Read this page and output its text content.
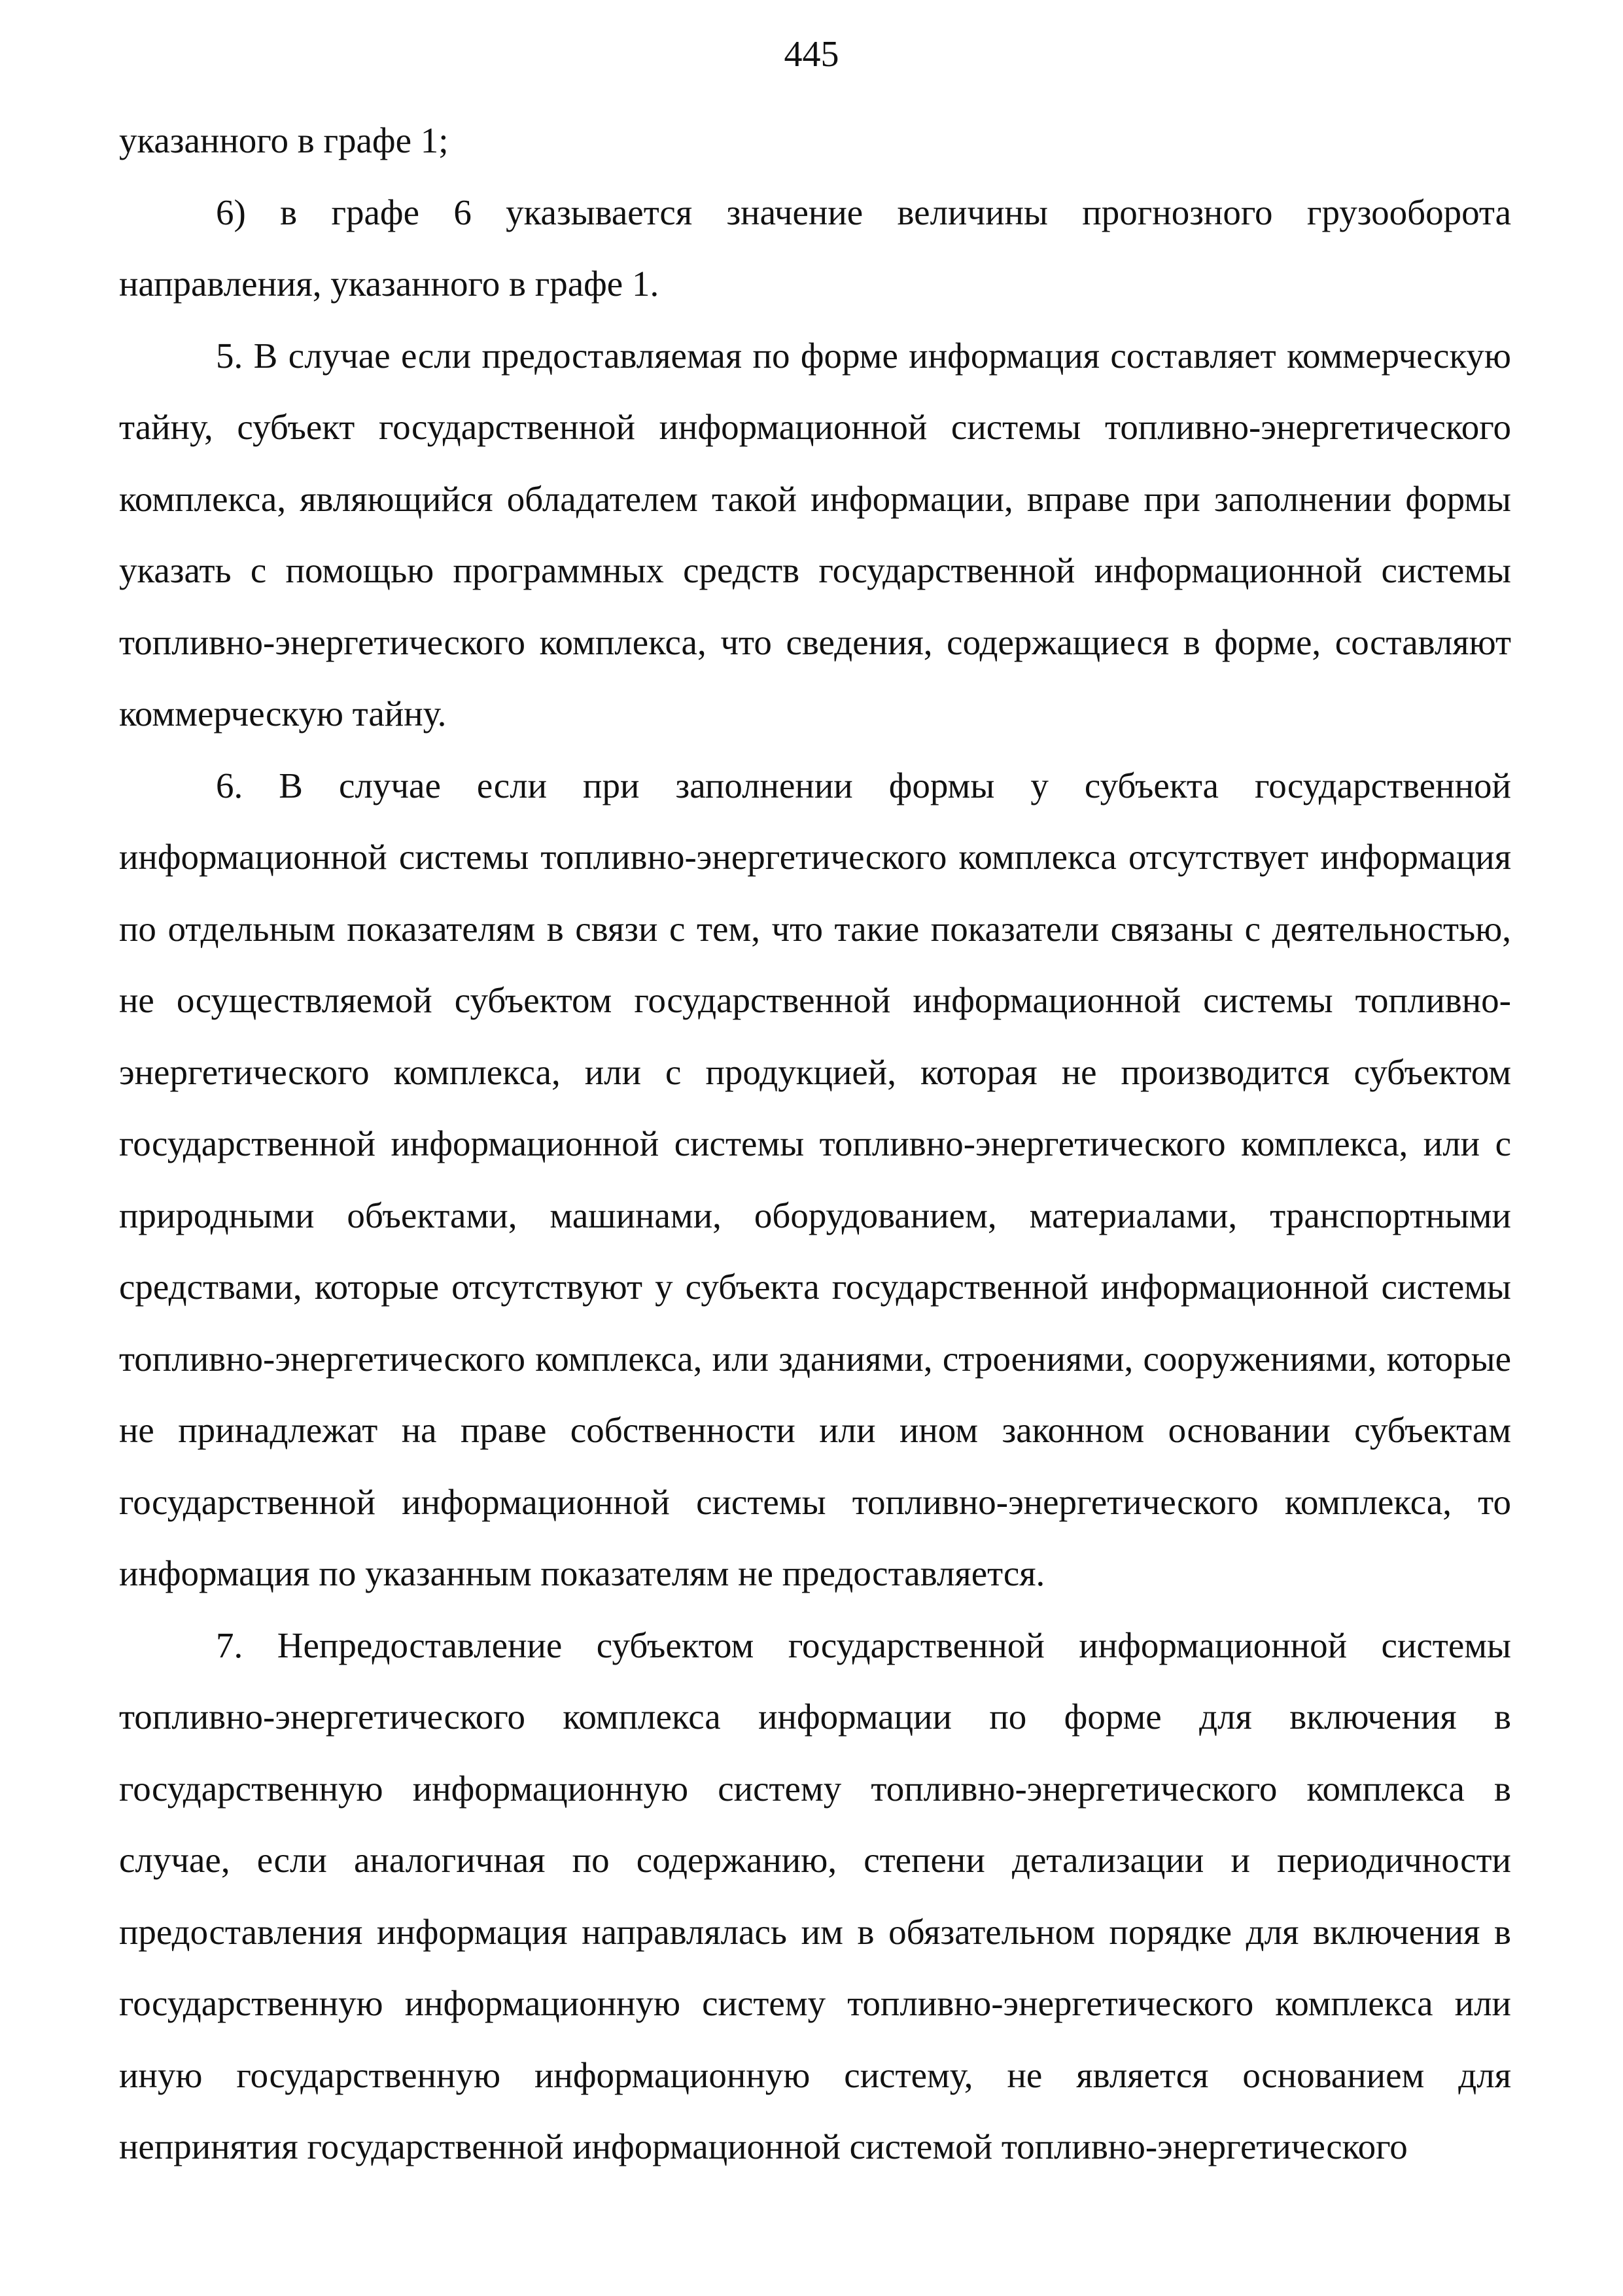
445

указанного в графе 1;

6) в графе 6 указывается значение величины прогнозного грузооборота направления, указанного в графе 1.

5. В случае если предоставляемая по форме информация составляет коммерческую тайну, субъект государственной информационной системы топливно-энергетического комплекса, являющийся обладателем такой информации, вправе при заполнении формы указать с помощью программных средств государственной информационной системы топливно-энергетического комплекса, что сведения, содержащиеся в форме, составляют коммерческую тайну.

6. В случае если при заполнении формы у субъекта государственной информационной системы топливно-энергетического комплекса отсутствует информация по отдельным показателям в связи с тем, что такие показатели связаны с деятельностью, не осуществляемой субъектом государственной информационной системы топливно-энергетического комплекса, или с продукцией, которая не производится субъектом государственной информационной системы топливно-энергетического комплекса, или с природными объектами, машинами, оборудованием, материалами, транспортными средствами, которые отсутствуют у субъекта государственной информационной системы топливно-энергетического комплекса, или зданиями, строениями, сооружениями, которые не принадлежат на праве собственности или ином законном основании субъектам государственной информационной системы топливно-энергетического комплекса, то информация по указанным показателям не предоставляется.

7. Непредоставление субъектом государственной информационной системы топливно-энергетического комплекса информации по форме для включения в государственную информационную систему топливно-энергетического комплекса в случае, если аналогичная по содержанию, степени детализации и периодичности предоставления информация направлялась им в обязательном порядке для включения в государственную информационную систему топливно-энергетического комплекса или иную государственную информационную систему, не является основанием для непринятия государственной информационной системой топливно-энергетического
